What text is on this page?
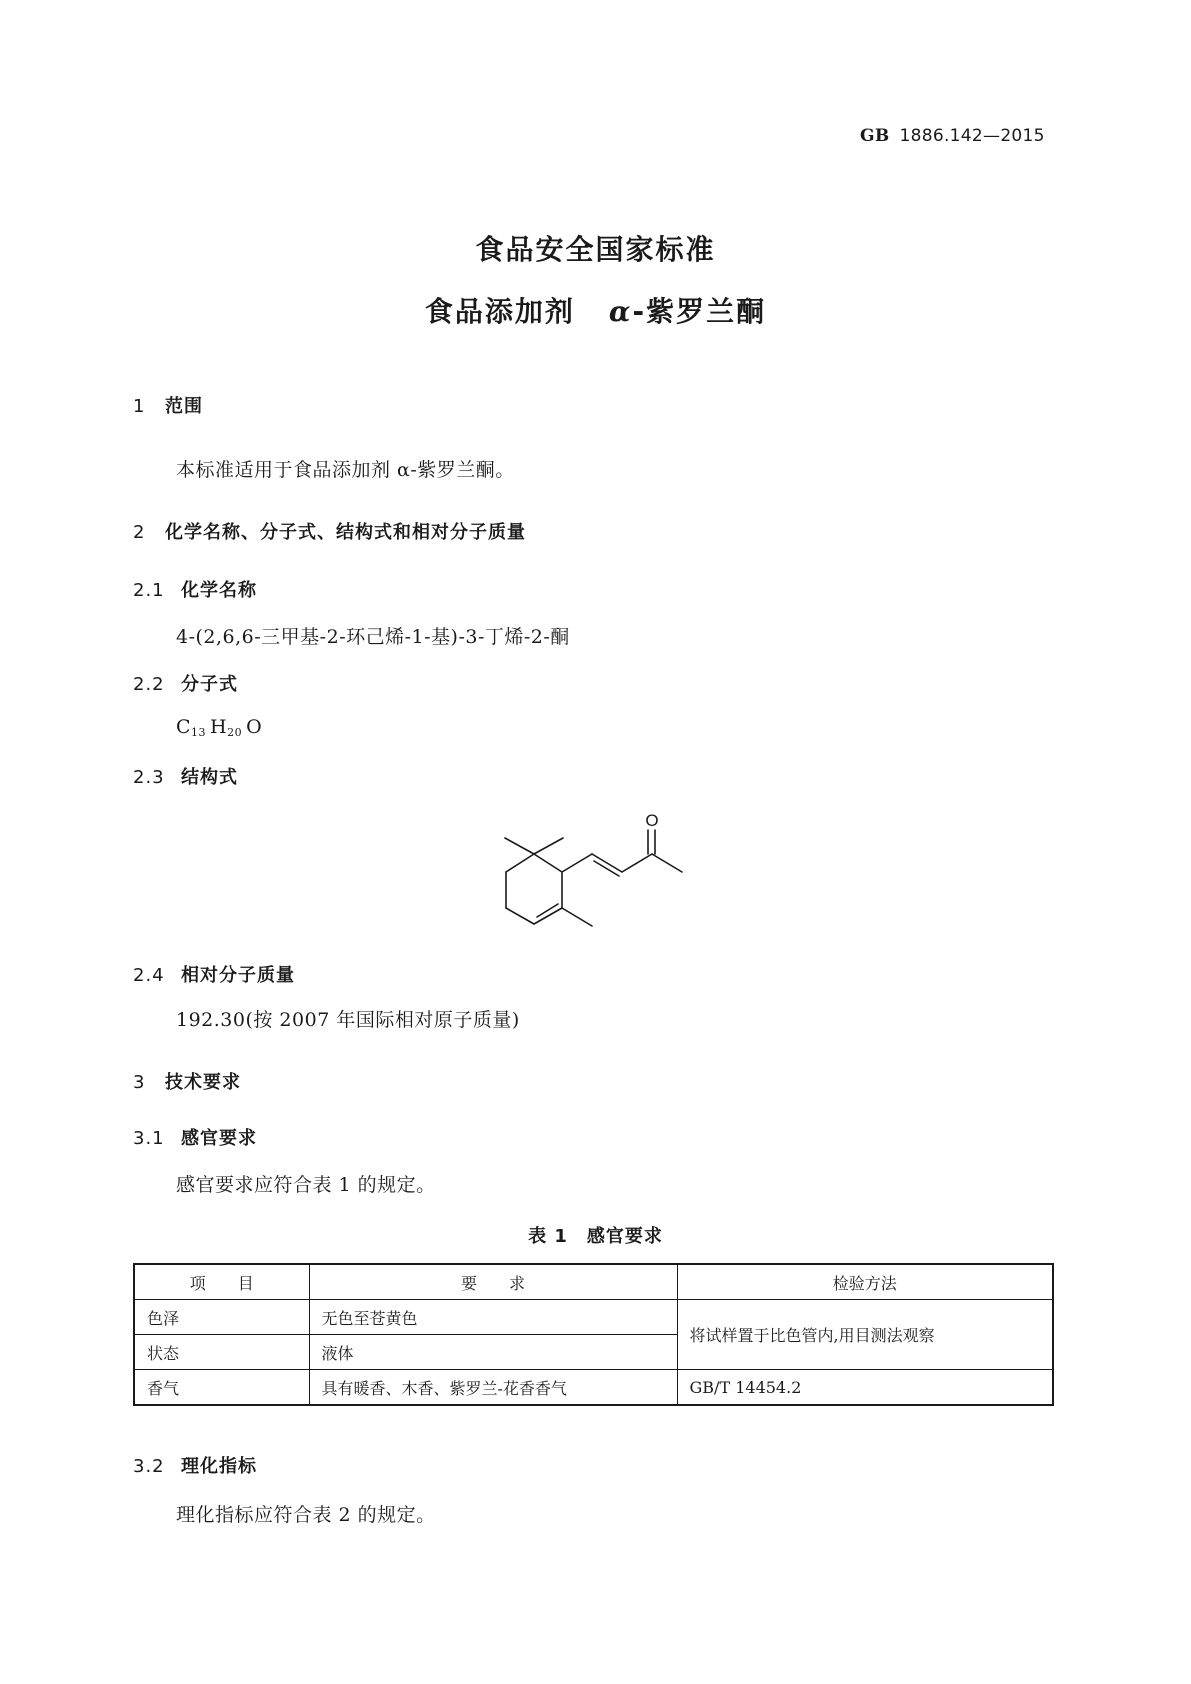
GB 1886.142—2015
食品安全国家标准
食品添加剂 α-紫罗兰酮
1 范围
本标准适用于食品添加剂 α-紫罗兰酮。
2 化学名称、分子式、结构式和相对分子质量
2.1 化学名称
4-(2,6,6-三甲基-2-环己烯-1-基)-3-丁烯-2-酮
2.2 分子式
$C_{13}$ $H_{20}$ O
2.3 结构式
O
2.4 相对分子质量
192.30(按 2007 年国际相对原子质量)
3 技术要求
3.1 感官要求
感官要求应符合表 1 的规定。
表 1　感官要求
项　　目	要　　求	检验方法
色泽	无色至苍黄色	将试样置于比色管内,用目测法观察
状态	液体	
香气	具有暖香、木香、紫罗兰-花香香气	GB/T 14454.2
3.2 理化指标
理化指标应符合表 2 的规定。
